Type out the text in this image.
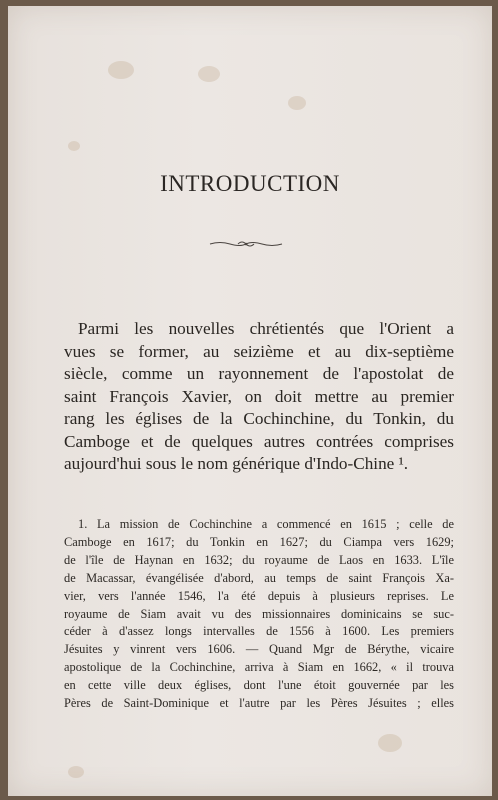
INTRODUCTION
Parmi les nouvelles chrétientés que l'Orient a
vues se former, au seizième et au dix-septième
siècle, comme un rayonnement de l'apostolat de
saint François Xavier, on doit mettre au premier
rang les églises de la Cochinchine, du Tonkin, du
Camboge et de quelques autres contrées comprises
aujourd'hui sous le nom générique d'Indo-Chine ¹.
1. La mission de Cochinchine a commencé en 1615 ; celle de
Camboge en 1617; du Tonkin en 1627; du Ciampa vers 1629;
de l'île de Haynan en 1632; du royaume de Laos en 1633. L'île
de Macassar, évangélisée d'abord, au temps de saint François Xa-
vier, vers l'année 1546, l'a été depuis à plusieurs reprises. Le
royaume de Siam avait vu des missionnaires dominicains se suc-
céder à d'assez longs intervalles de 1556 à 1600. Les premiers
Jésuites y vinrent vers 1606. — Quand Mgr de Bérythe, vicaire
apostolique de la Cochinchine, arriva à Siam en 1662, « il trouva
en cette ville deux églises, dont l'une étoit gouvernée par les
Pères de Saint-Dominique et l'autre par les Pères Jésuites ; elles
